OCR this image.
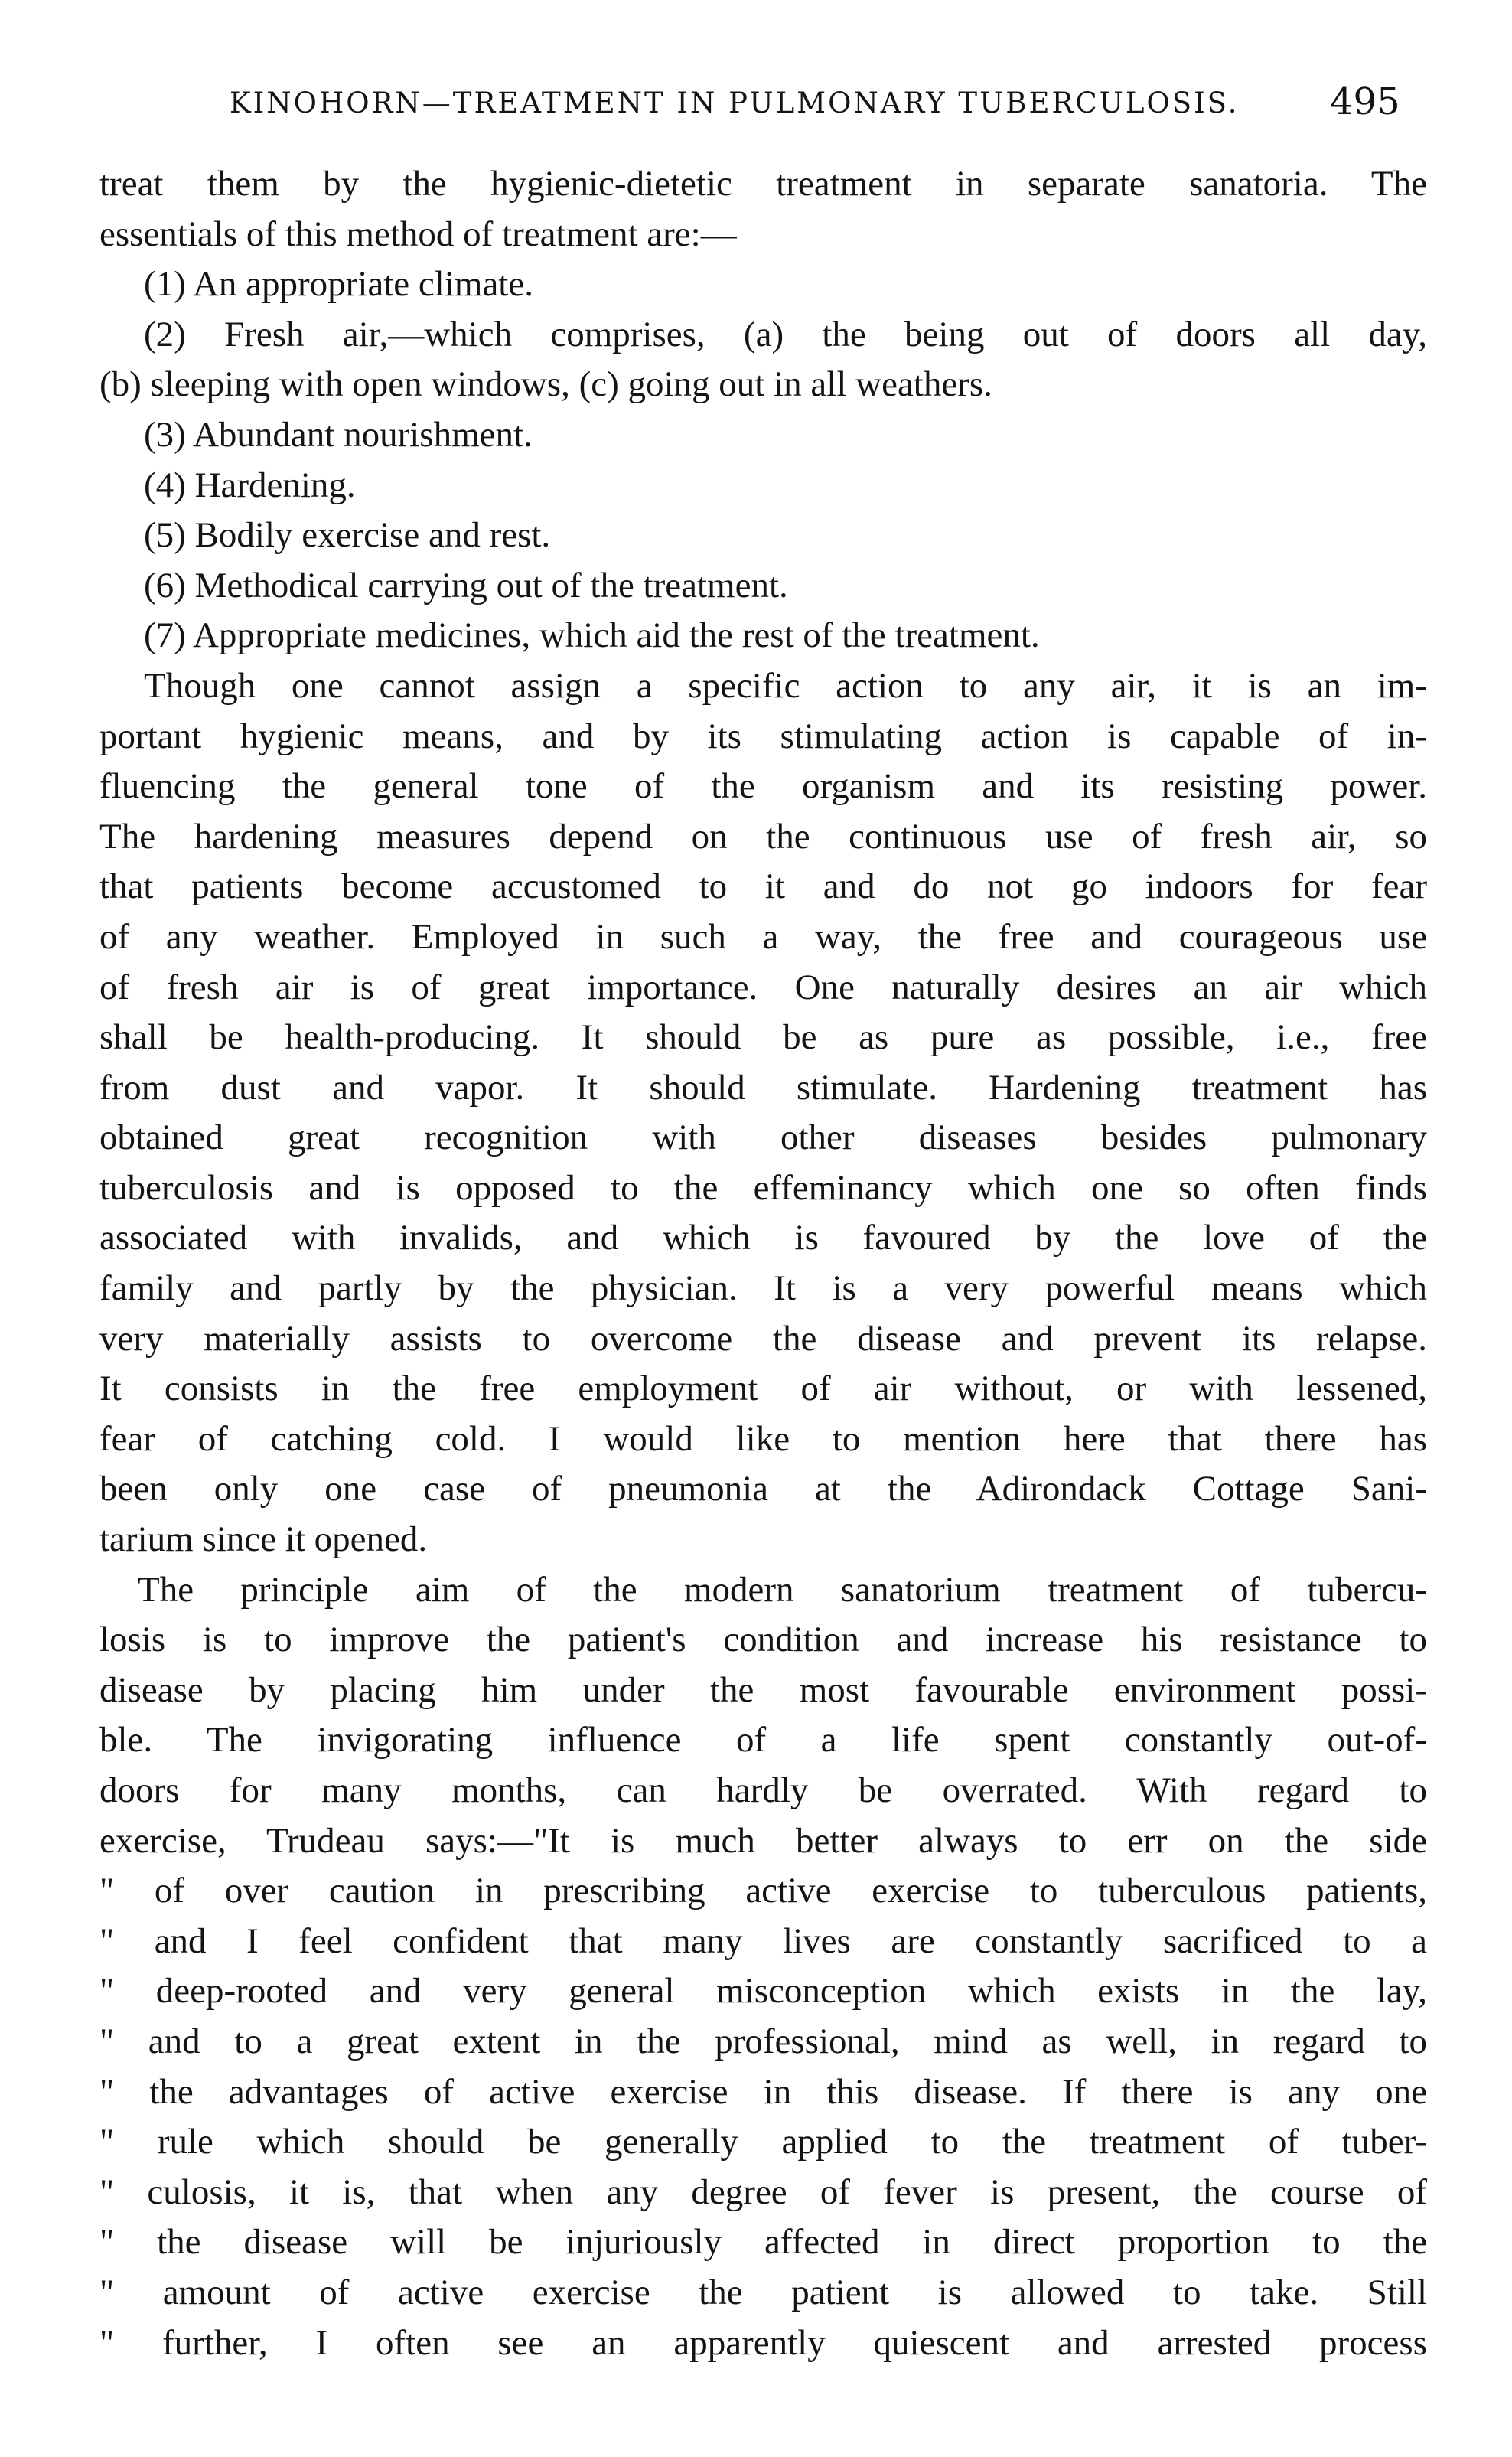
KINOHORN—TREATMENT IN PULMONARY TUBERCULOSIS. 495
treat them by the hygienic-dietetic treatment in separate sanatoria. The
essentials of this method of treatment are:—
(1) An appropriate climate.
(2) Fresh air,—which comprises, (a) the being out of doors all day,
(b) sleeping with open windows, (c) going out in all weathers.
(3) Abundant nourishment.
(4) Hardening.
(5) Bodily exercise and rest.
(6) Methodical carrying out of the treatment.
(7) Appropriate medicines, which aid the rest of the treatment.
Though one cannot assign a specific action to any air, it is an im-
portant hygienic means, and by its stimulating action is capable of in-
fluencing the general tone of the organism and its resisting power.
The hardening measures depend on the continuous use of fresh air, so
that patients become accustomed to it and do not go indoors for fear
of any weather. Employed in such a way, the free and courageous use
of fresh air is of great importance. One naturally desires an air which
shall be health-producing. It should be as pure as possible, i.e., free
from dust and vapor. It should stimulate. Hardening treatment has
obtained great recognition with other diseases besides pulmonary
tuberculosis and is opposed to the effeminancy which one so often finds
associated with invalids, and which is favoured by the love of the
family and partly by the physician. It is a very powerful means which
very materially assists to overcome the disease and prevent its relapse.
It consists in the free employment of air without, or with lessened,
fear of catching cold. I would like to mention here that there has
been only one case of pneumonia at the Adirondack Cottage Sani-
tarium since it opened.
The principle aim of the modern sanatorium treatment of tubercu-
losis is to improve the patient's condition and increase his resistance to
disease by placing him under the most favourable environment possi-
ble. The invigorating influence of a life spent constantly out-of-
doors for many months, can hardly be overrated. With regard to
exercise, Trudeau says:—"It is much better always to err on the side
" of over caution in prescribing active exercise to tuberculous patients,
" and I feel confident that many lives are constantly sacrificed to a
" deep-rooted and very general misconception which exists in the lay,
" and to a great extent in the professional, mind as well, in regard to
" the advantages of active exercise in this disease. If there is any one
" rule which should be generally applied to the treatment of tuber-
" culosis, it is, that when any degree of fever is present, the course of
" the disease will be injuriously affected in direct proportion to the
" amount of active exercise the patient is allowed to take. Still
" further, I often see an apparently quiescent and arrested process
